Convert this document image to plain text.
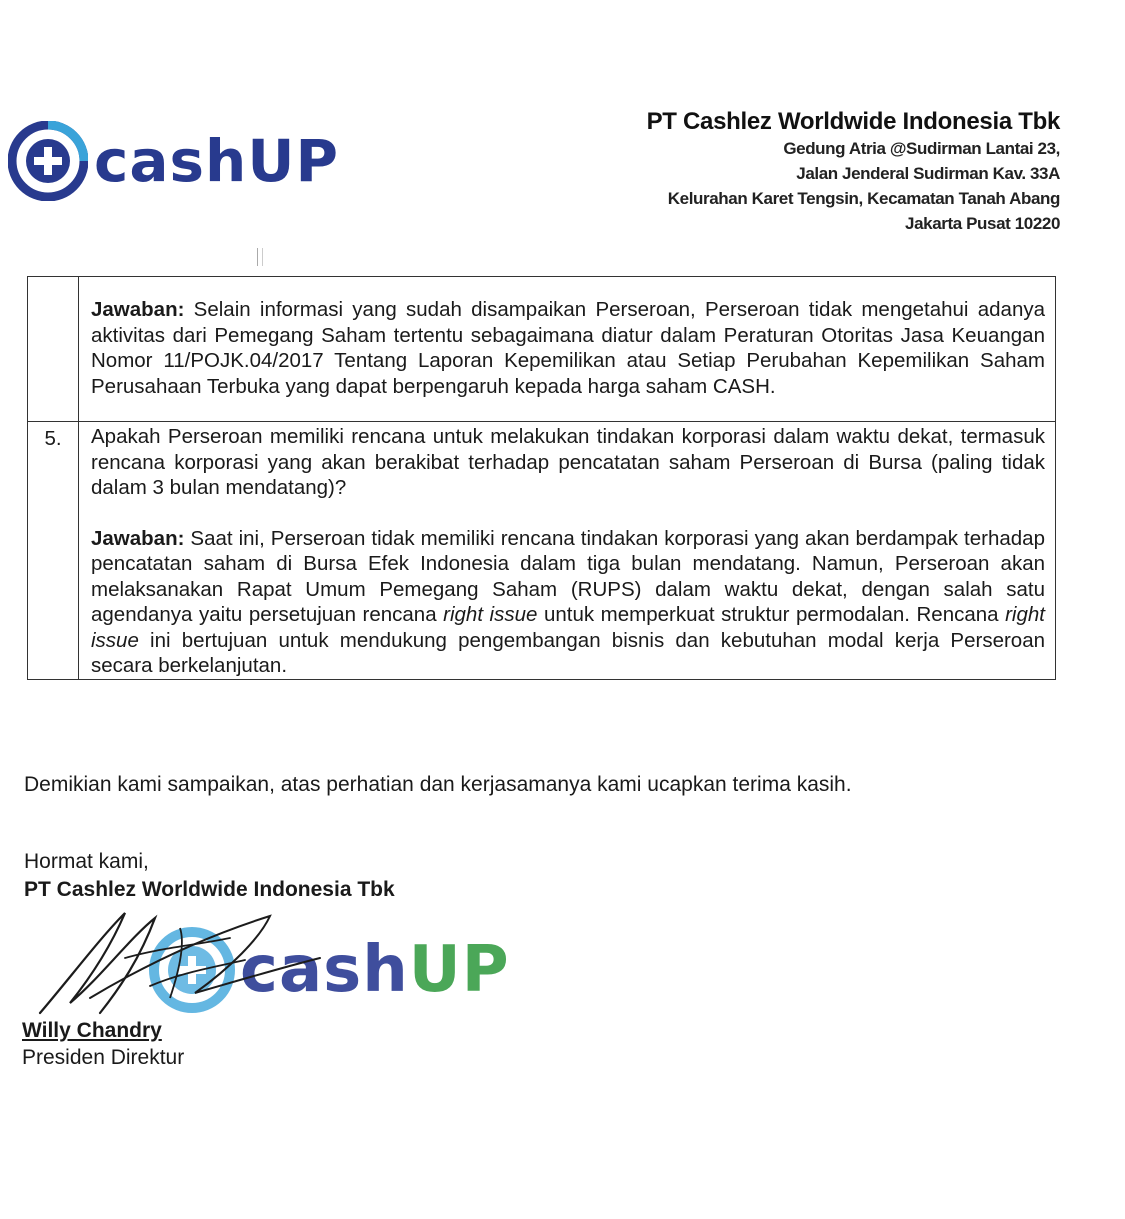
cashUP
PT Cashlez Worldwide Indonesia Tbk
Gedung Atria @Sudirman Lantai 23,
Jalan Jenderal Sudirman Kav. 33A
Kelurahan Karet Tengsin, Kecamatan Tanah Abang
Jakarta Pusat 10220

	Jawaban: Selain informasi yang sudah disampaikan Perseroan, Perseroan tidak mengetahui adanya aktivitas dari Pemegang Saham tertentu sebagaimana diatur dalam Peraturan Otoritas Jasa Keuangan Nomor 11/POJK.04/2017 Tentang Laporan Kepemilikan atau Setiap Perubahan Kepemilikan Saham Perusahaan Terbuka yang dapat berpengaruh kepada harga saham CASH.

5.	Apakah Perseroan memiliki rencana untuk melakukan tindakan korporasi dalam waktu dekat, termasuk rencana korporasi yang akan berakibat terhadap pencatatan saham Perseroan di Bursa (paling tidak dalam 3 bulan mendatang)?

Jawaban: Saat ini, Perseroan tidak memiliki rencana tindakan korporasi yang akan berdampak terhadap pencatatan saham di Bursa Efek Indonesia dalam tiga bulan mendatang. Namun, Perseroan akan melaksanakan Rapat Umum Pemegang Saham (RUPS) dalam waktu dekat, dengan salah satu agendanya yaitu persetujuan rencana right issue untuk memperkuat struktur permodalan. Rencana right issue ini bertujuan untuk mendukung pengembangan bisnis dan kebutuhan modal kerja Perseroan secara berkelanjutan.

Demikian kami sampaikan, atas perhatian dan kerjasamanya kami ucapkan terima kasih.
Hormat kami,
PT Cashlez Worldwide Indonesia Tbk
cashUP
Willy Chandry
Presiden Direktur
